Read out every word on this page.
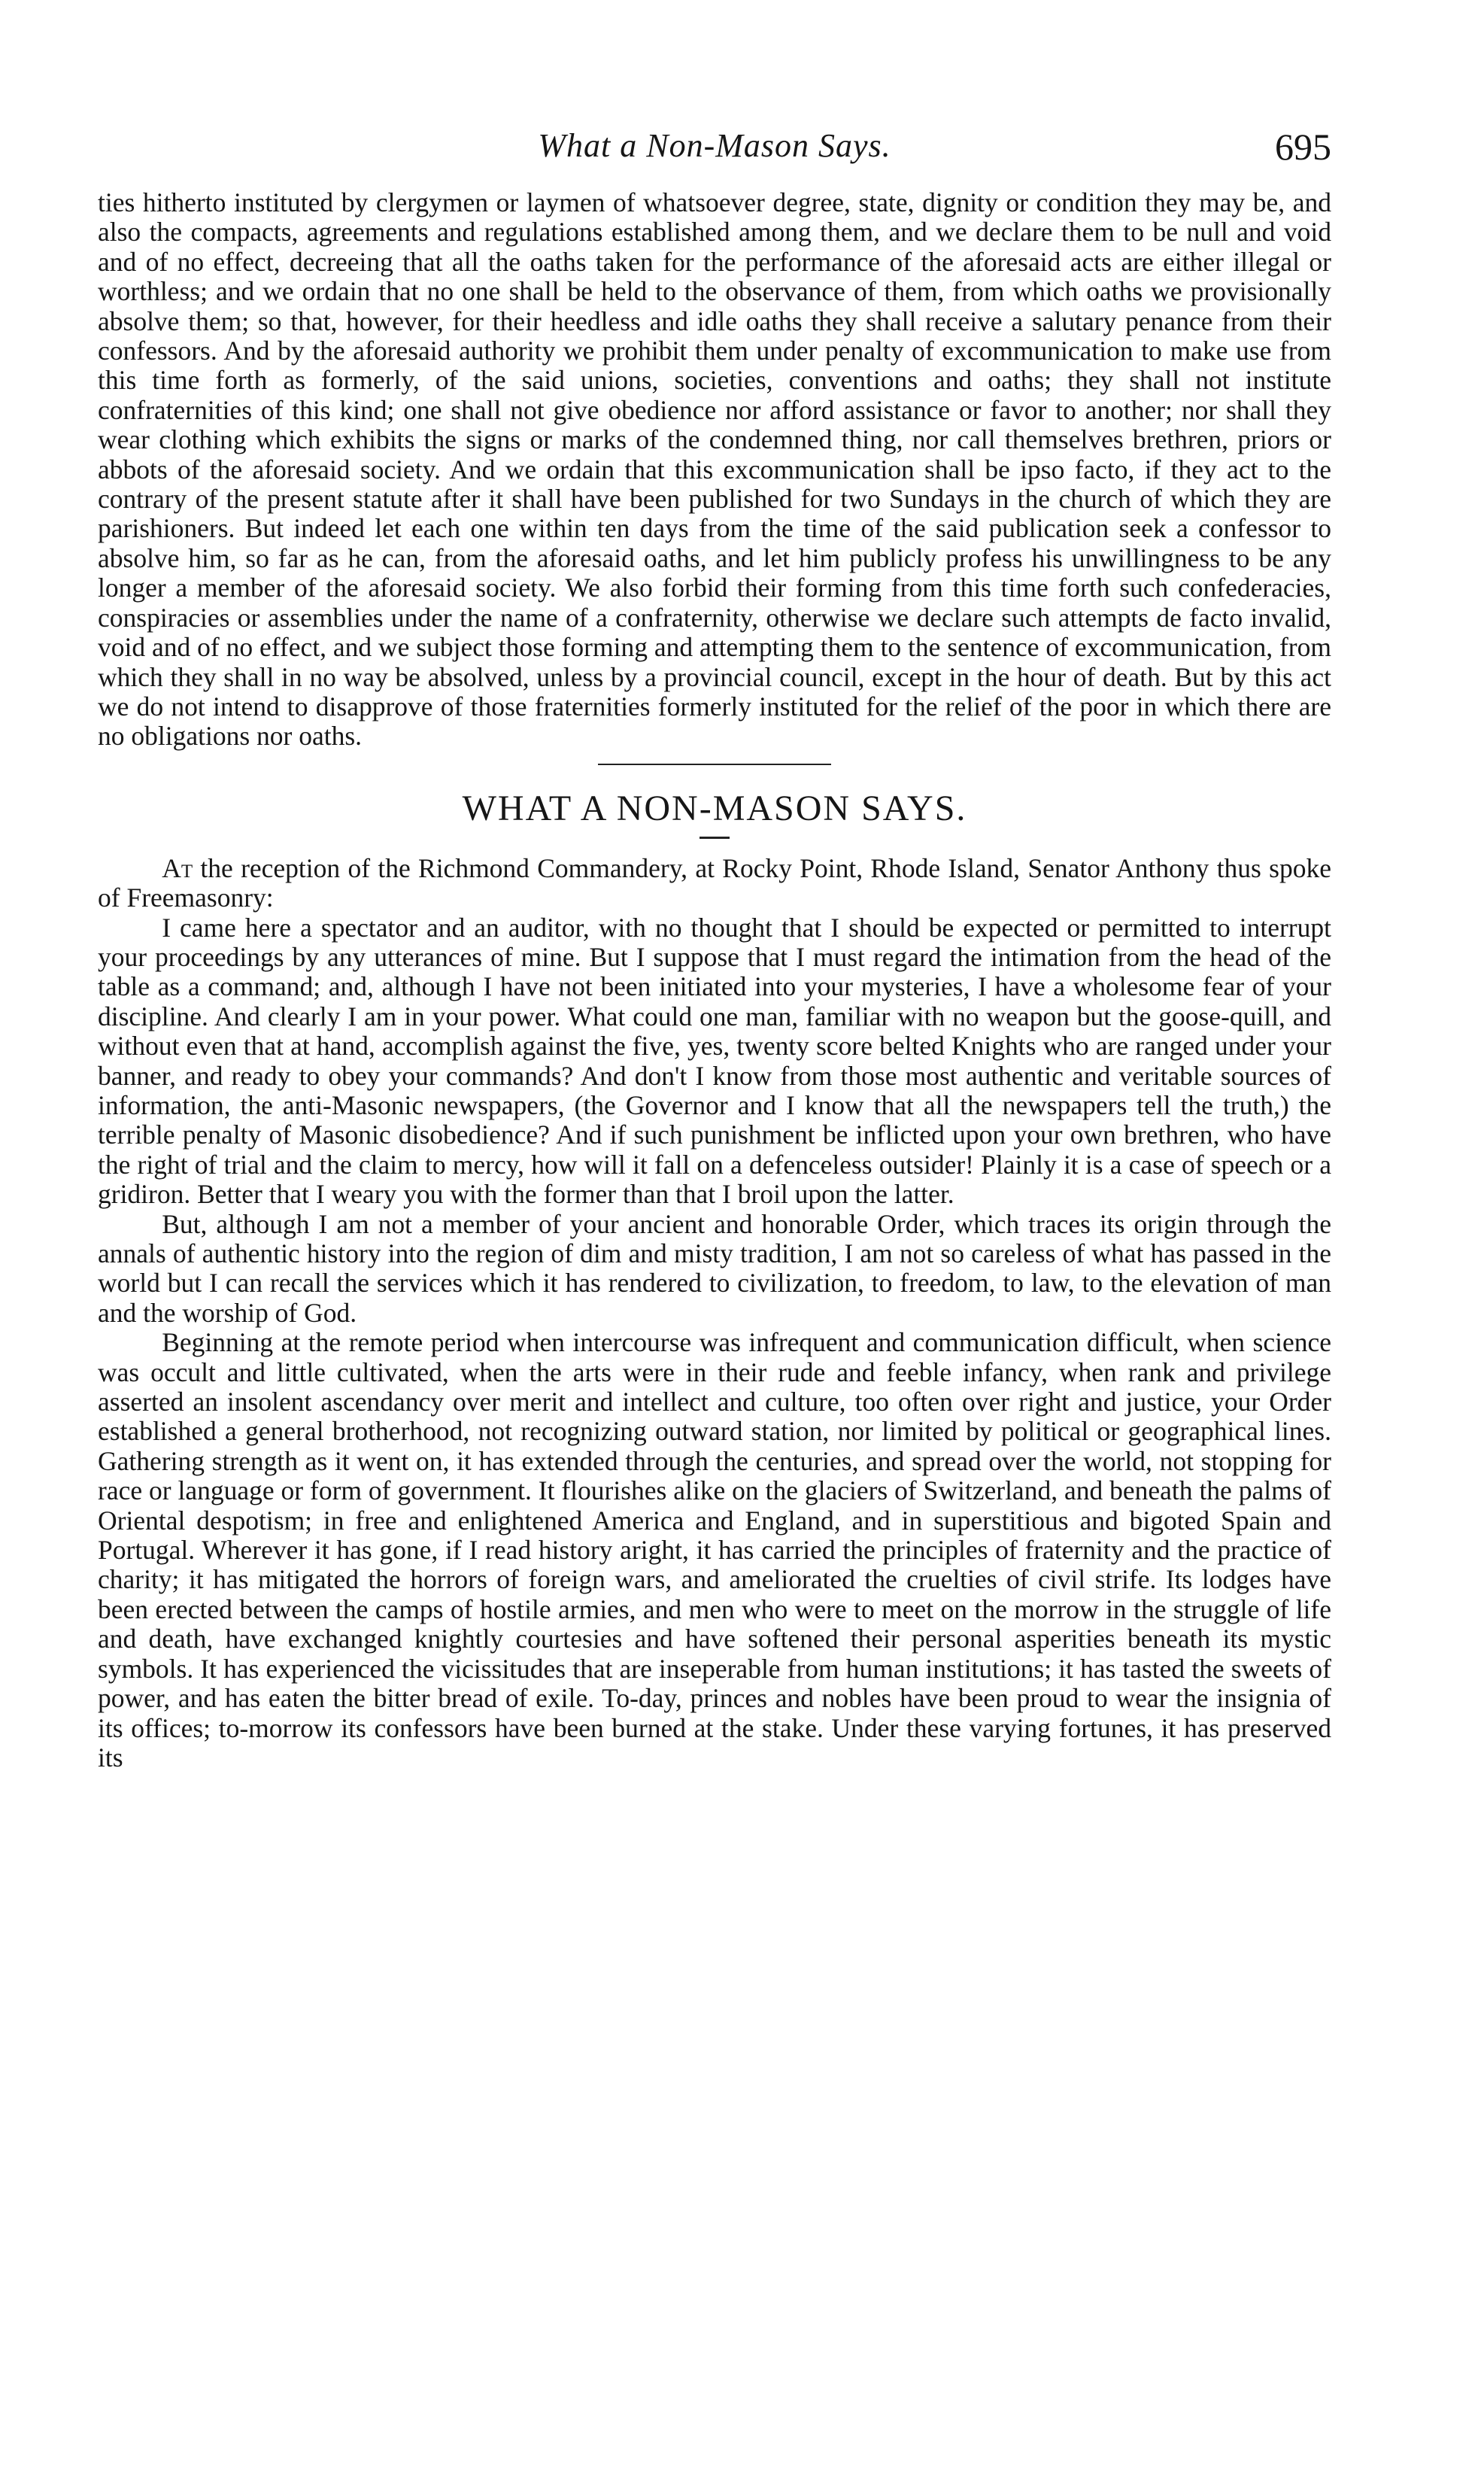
What a Non-Mason Says.	695

ties hitherto instituted by clergymen or laymen of whatsoever degree, state, dignity or condition they may be, and also the compacts, agreements and regulations established among them, and we declare them to be null and void and of no effect, decreeing that all the oaths taken for the performance of the aforesaid acts are either illegal or worthless; and we ordain that no one shall be held to the observance of them, from which oaths we provisionally absolve them; so that, however, for their heedless and idle oaths they shall receive a salutary penance from their confessors. And by the aforesaid authority we prohibit them under penalty of excommunication to make use from this time forth as formerly, of the said unions, societies, conventions and oaths; they shall not institute confraternities of this kind; one shall not give obedience nor afford assistance or favor to another; nor shall they wear clothing which exhibits the signs or marks of the condemned thing, nor call themselves brethren, priors or abbots of the aforesaid society. And we ordain that this excommunication shall be ipso facto, if they act to the contrary of the present statute after it shall have been published for two Sundays in the church of which they are parishioners. But indeed let each one within ten days from the time of the said publication seek a confessor to absolve him, so far as he can, from the aforesaid oaths, and let him publicly profess his unwillingness to be any longer a member of the aforesaid society. We also forbid their forming from this time forth such confederacies, conspiracies or assemblies under the name of a confraternity, otherwise we declare such attempts de facto invalid, void and of no effect, and we subject those forming and attempting them to the sentence of excommunication, from which they shall in no way be absolved, unless by a provincial council, except in the hour of death. But by this act we do not intend to disapprove of those fraternities formerly instituted for the relief of the poor in which there are no obligations nor oaths.

WHAT A NON-MASON SAYS.

At the reception of the Richmond Commandery, at Rocky Point, Rhode Island, Senator Anthony thus spoke of Freemasonry:

I came here a spectator and an auditor, with no thought that I should be expected or permitted to interrupt your proceedings by any utterances of mine. But I suppose that I must regard the intimation from the head of the table as a command; and, although I have not been initiated into your mysteries, I have a wholesome fear of your discipline. And clearly I am in your power. What could one man, familiar with no weapon but the goose-quill, and without even that at hand, accomplish against the five, yes, twenty score belted Knights who are ranged under your banner, and ready to obey your commands? And don't I know from those most authentic and veritable sources of information, the anti-Masonic newspapers, (the Governor and I know that all the newspapers tell the truth,) the terrible penalty of Masonic disobedience? And if such punishment be inflicted upon your own brethren, who have the right of trial and the claim to mercy, how will it fall on a defenceless outsider! Plainly it is a case of speech or a gridiron. Better that I weary you with the former than that I broil upon the latter.

But, although I am not a member of your ancient and honorable Order, which traces its origin through the annals of authentic history into the region of dim and misty tradition, I am not so careless of what has passed in the world but I can recall the services which it has rendered to civilization, to freedom, to law, to the elevation of man and the worship of God.

Beginning at the remote period when intercourse was infrequent and communication difficult, when science was occult and little cultivated, when the arts were in their rude and feeble infancy, when rank and privilege asserted an insolent ascendancy over merit and intellect and culture, too often over right and justice, your Order established a general brotherhood, not recognizing outward station, nor limited by political or geographical lines. Gathering strength as it went on, it has extended through the centuries, and spread over the world, not stopping for race or language or form of government. It flourishes alike on the glaciers of Switzerland, and beneath the palms of Oriental despotism; in free and enlightened America and England, and in superstitious and bigoted Spain and Portugal. Wherever it has gone, if I read history aright, it has carried the principles of fraternity and the practice of charity; it has mitigated the horrors of foreign wars, and ameliorated the cruelties of civil strife. Its lodges have been erected between the camps of hostile armies, and men who were to meet on the morrow in the struggle of life and death, have exchanged knightly courtesies and have softened their personal asperities beneath its mystic symbols. It has experienced the vicissitudes that are inseperable from human institutions; it has tasted the sweets of power, and has eaten the bitter bread of exile. To-day, princes and nobles have been proud to wear the insignia of its offices; to-morrow its confessors have been burned at the stake. Under these varying fortunes, it has preserved its
